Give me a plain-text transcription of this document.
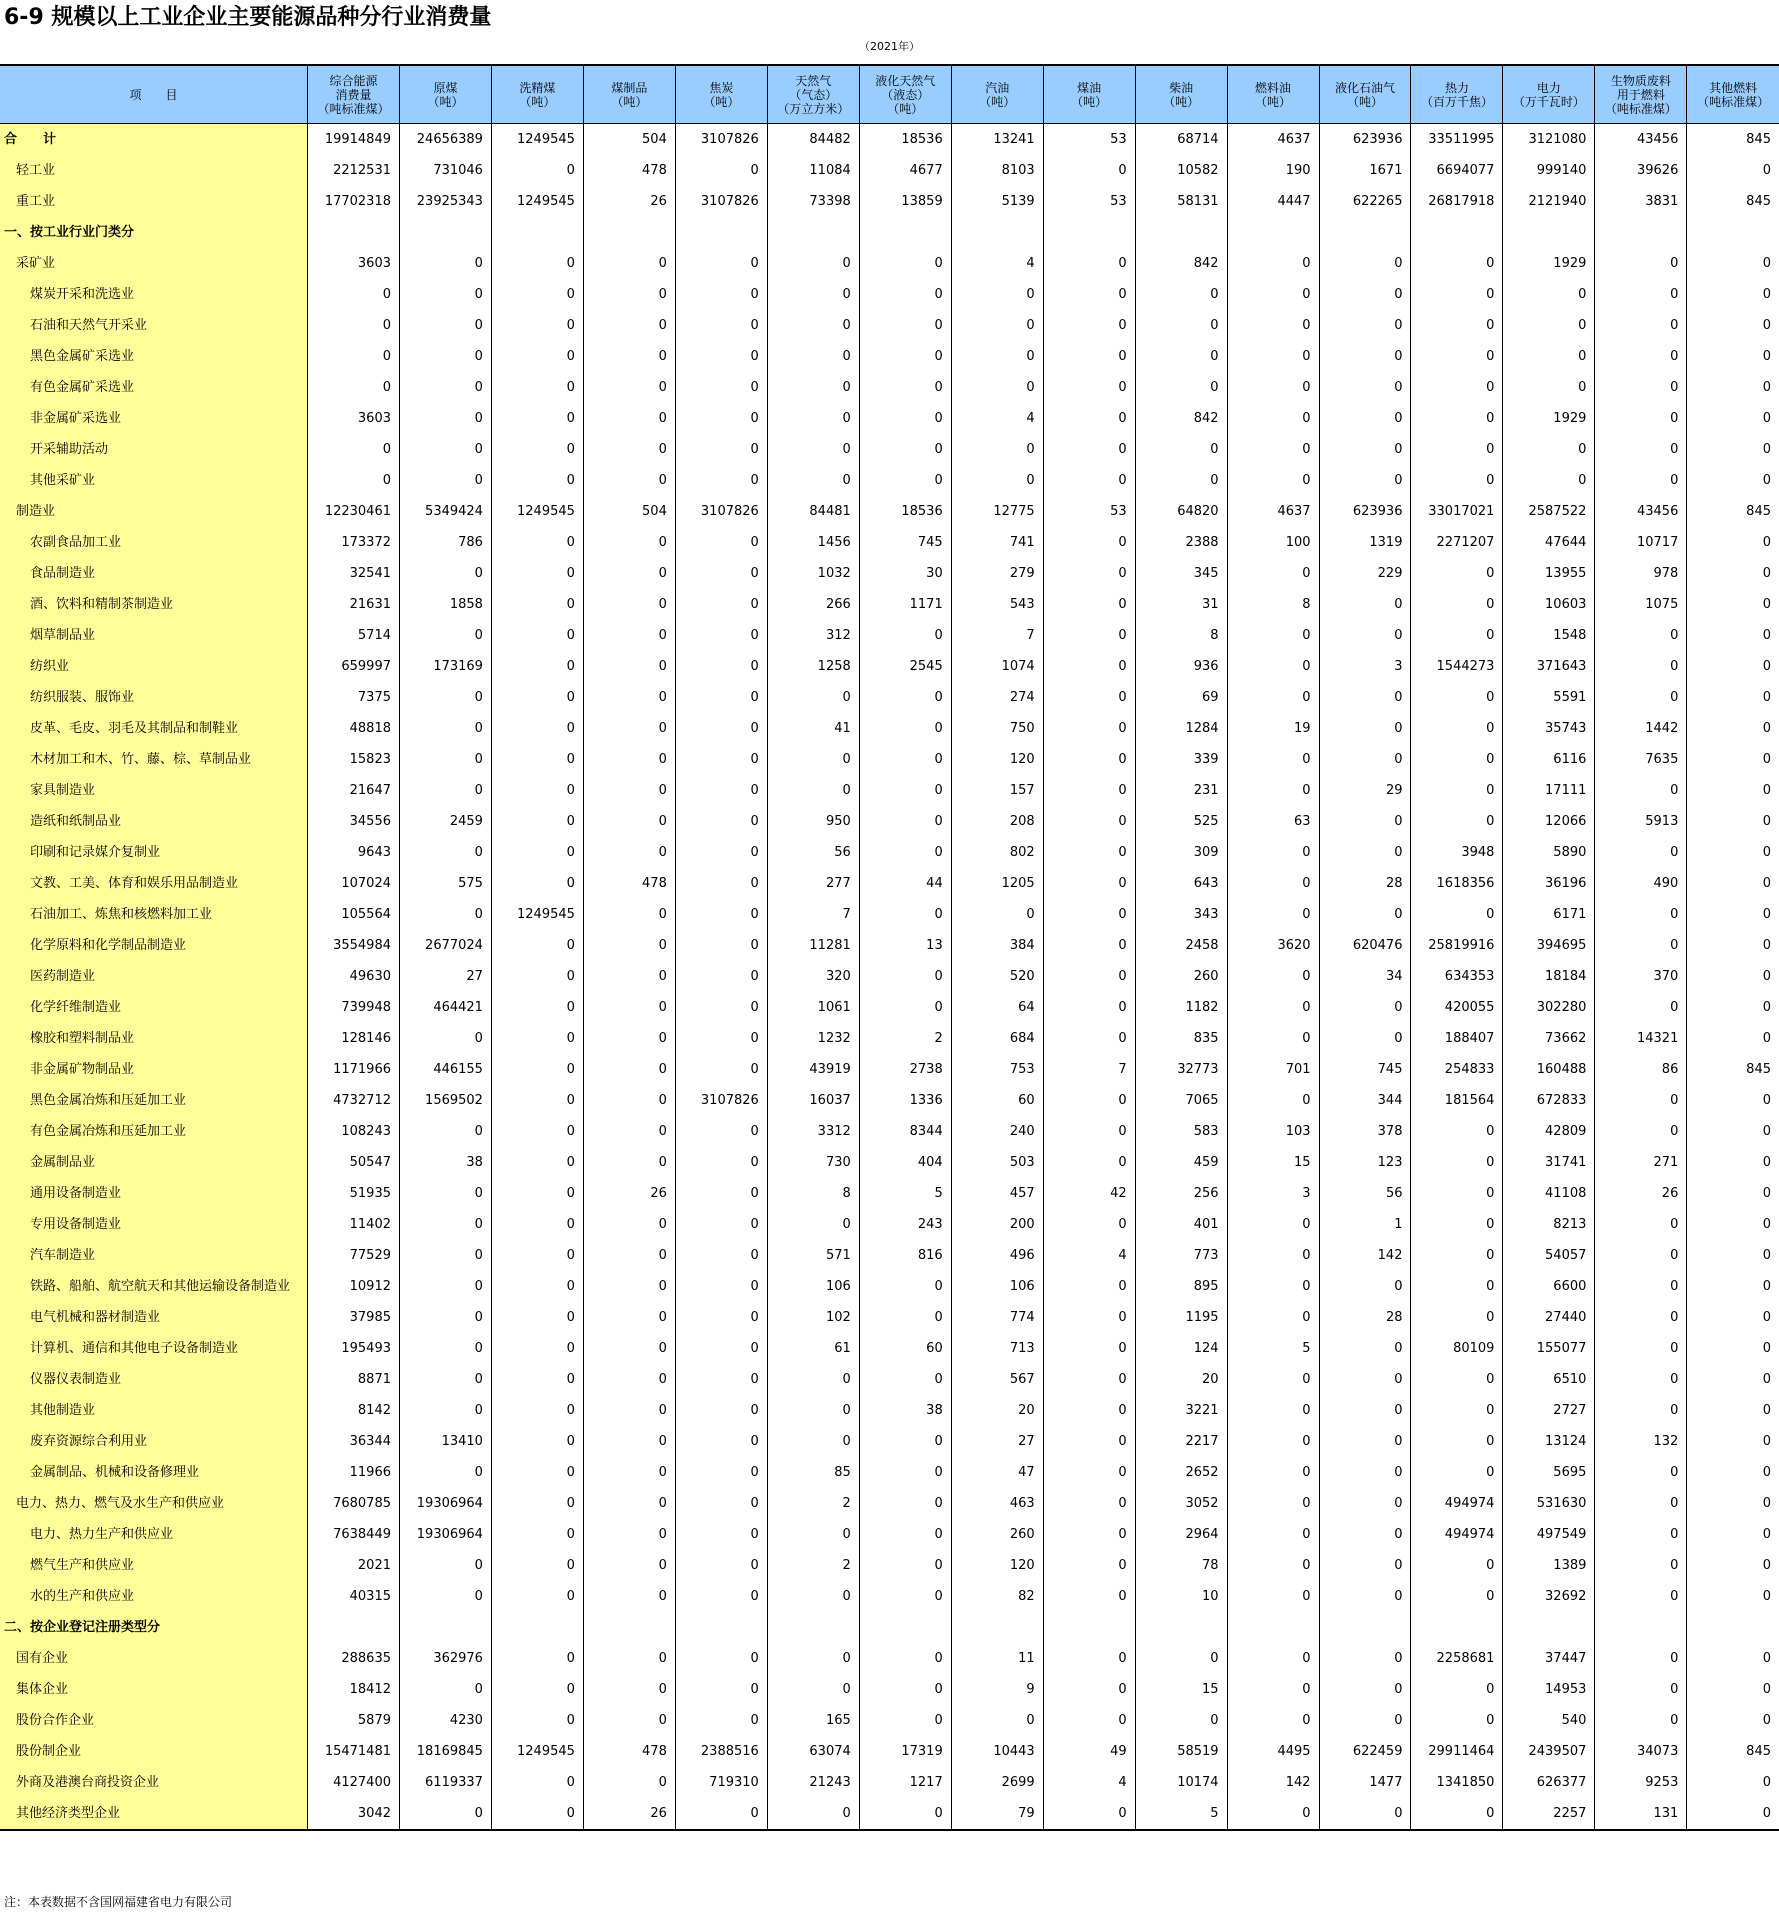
6-9 规模以上工业企业主要能源品种分行业消费量
（2021年）
项　　目	综合能源
消费量
（吨标准煤）	原煤
（吨）	洗精煤
（吨）	煤制品
（吨）	焦炭
（吨）	天然气
（气态）
（万立方米）	液化天然气
（液态）
（吨）	汽油
（吨）	煤油
（吨）	柴油
（吨）	燃料油
（吨）	液化石油气
（吨）	热力
（百万千焦）	电力
（万千瓦时）	生物质废料
用于燃料
（吨标准煤）	其他燃料
（吨标准煤）
合　　计	19914849	24656389	1249545	504	3107826	84482	18536	13241	53	68714	4637	623936	33511995	3121080	43456	845
轻工业	2212531	731046	0	478	0	11084	4677	8103	0	10582	190	1671	6694077	999140	39626	0
重工业	17702318	23925343	1249545	26	3107826	73398	13859	5139	53	58131	4447	622265	26817918	2121940	3831	845
一、按工业行业门类分																
采矿业	3603	0	0	0	0	0	0	4	0	842	0	0	0	1929	0	0
煤炭开采和洗选业	0	0	0	0	0	0	0	0	0	0	0	0	0	0	0	0
石油和天然气开采业	0	0	0	0	0	0	0	0	0	0	0	0	0	0	0	0
黑色金属矿采选业	0	0	0	0	0	0	0	0	0	0	0	0	0	0	0	0
有色金属矿采选业	0	0	0	0	0	0	0	0	0	0	0	0	0	0	0	0
非金属矿采选业	3603	0	0	0	0	0	0	4	0	842	0	0	0	1929	0	0
开采辅助活动	0	0	0	0	0	0	0	0	0	0	0	0	0	0	0	0
其他采矿业	0	0	0	0	0	0	0	0	0	0	0	0	0	0	0	0
制造业	12230461	5349424	1249545	504	3107826	84481	18536	12775	53	64820	4637	623936	33017021	2587522	43456	845
农副食品加工业	173372	786	0	0	0	1456	745	741	0	2388	100	1319	2271207	47644	10717	0
食品制造业	32541	0	0	0	0	1032	30	279	0	345	0	229	0	13955	978	0
酒、饮料和精制茶制造业	21631	1858	0	0	0	266	1171	543	0	31	8	0	0	10603	1075	0
烟草制品业	5714	0	0	0	0	312	0	7	0	8	0	0	0	1548	0	0
纺织业	659997	173169	0	0	0	1258	2545	1074	0	936	0	3	1544273	371643	0	0
纺织服装、服饰业	7375	0	0	0	0	0	0	274	0	69	0	0	0	5591	0	0
皮革、毛皮、羽毛及其制品和制鞋业	48818	0	0	0	0	41	0	750	0	1284	19	0	0	35743	1442	0
木材加工和木、竹、藤、棕、草制品业	15823	0	0	0	0	0	0	120	0	339	0	0	0	6116	7635	0
家具制造业	21647	0	0	0	0	0	0	157	0	231	0	29	0	17111	0	0
造纸和纸制品业	34556	2459	0	0	0	950	0	208	0	525	63	0	0	12066	5913	0
印刷和记录媒介复制业	9643	0	0	0	0	56	0	802	0	309	0	0	3948	5890	0	0
文教、工美、体育和娱乐用品制造业	107024	575	0	478	0	277	44	1205	0	643	0	28	1618356	36196	490	0
石油加工、炼焦和核燃料加工业	105564	0	1249545	0	0	7	0	0	0	343	0	0	0	6171	0	0
化学原料和化学制品制造业	3554984	2677024	0	0	0	11281	13	384	0	2458	3620	620476	25819916	394695	0	0
医药制造业	49630	27	0	0	0	320	0	520	0	260	0	34	634353	18184	370	0
化学纤维制造业	739948	464421	0	0	0	1061	0	64	0	1182	0	0	420055	302280	0	0
橡胶和塑料制品业	128146	0	0	0	0	1232	2	684	0	835	0	0	188407	73662	14321	0
非金属矿物制品业	1171966	446155	0	0	0	43919	2738	753	7	32773	701	745	254833	160488	86	845
黑色金属冶炼和压延加工业	4732712	1569502	0	0	3107826	16037	1336	60	0	7065	0	344	181564	672833	0	0
有色金属冶炼和压延加工业	108243	0	0	0	0	3312	8344	240	0	583	103	378	0	42809	0	0
金属制品业	50547	38	0	0	0	730	404	503	0	459	15	123	0	31741	271	0
通用设备制造业	51935	0	0	26	0	8	5	457	42	256	3	56	0	41108	26	0
专用设备制造业	11402	0	0	0	0	0	243	200	0	401	0	1	0	8213	0	0
汽车制造业	77529	0	0	0	0	571	816	496	4	773	0	142	0	54057	0	0
铁路、船舶、航空航天和其他运输设备制造业	10912	0	0	0	0	106	0	106	0	895	0	0	0	6600	0	0
电气机械和器材制造业	37985	0	0	0	0	102	0	774	0	1195	0	28	0	27440	0	0
计算机、通信和其他电子设备制造业	195493	0	0	0	0	61	60	713	0	124	5	0	80109	155077	0	0
仪器仪表制造业	8871	0	0	0	0	0	0	567	0	20	0	0	0	6510	0	0
其他制造业	8142	0	0	0	0	0	38	20	0	3221	0	0	0	2727	0	0
废弃资源综合利用业	36344	13410	0	0	0	0	0	27	0	2217	0	0	0	13124	132	0
金属制品、机械和设备修理业	11966	0	0	0	0	85	0	47	0	2652	0	0	0	5695	0	0
电力、热力、燃气及水生产和供应业	7680785	19306964	0	0	0	2	0	463	0	3052	0	0	494974	531630	0	0
电力、热力生产和供应业	7638449	19306964	0	0	0	0	0	260	0	2964	0	0	494974	497549	0	0
燃气生产和供应业	2021	0	0	0	0	2	0	120	0	78	0	0	0	1389	0	0
水的生产和供应业	40315	0	0	0	0	0	0	82	0	10	0	0	0	32692	0	0
二、按企业登记注册类型分																
国有企业	288635	362976	0	0	0	0	0	11	0	0	0	0	2258681	37447	0	0
集体企业	18412	0	0	0	0	0	0	9	0	15	0	0	0	14953	0	0
股份合作企业	5879	4230	0	0	0	165	0	0	0	0	0	0	0	540	0	0
股份制企业	15471481	18169845	1249545	478	2388516	63074	17319	10443	49	58519	4495	622459	29911464	2439507	34073	845
外商及港澳台商投资企业	4127400	6119337	0	0	719310	21243	1217	2699	4	10174	142	1477	1341850	626377	9253	0
其他经济类型企业	3042	0	0	26	0	0	0	79	0	5	0	0	0	2257	131	0
注：本表数据不含国网福建省电力有限公司
